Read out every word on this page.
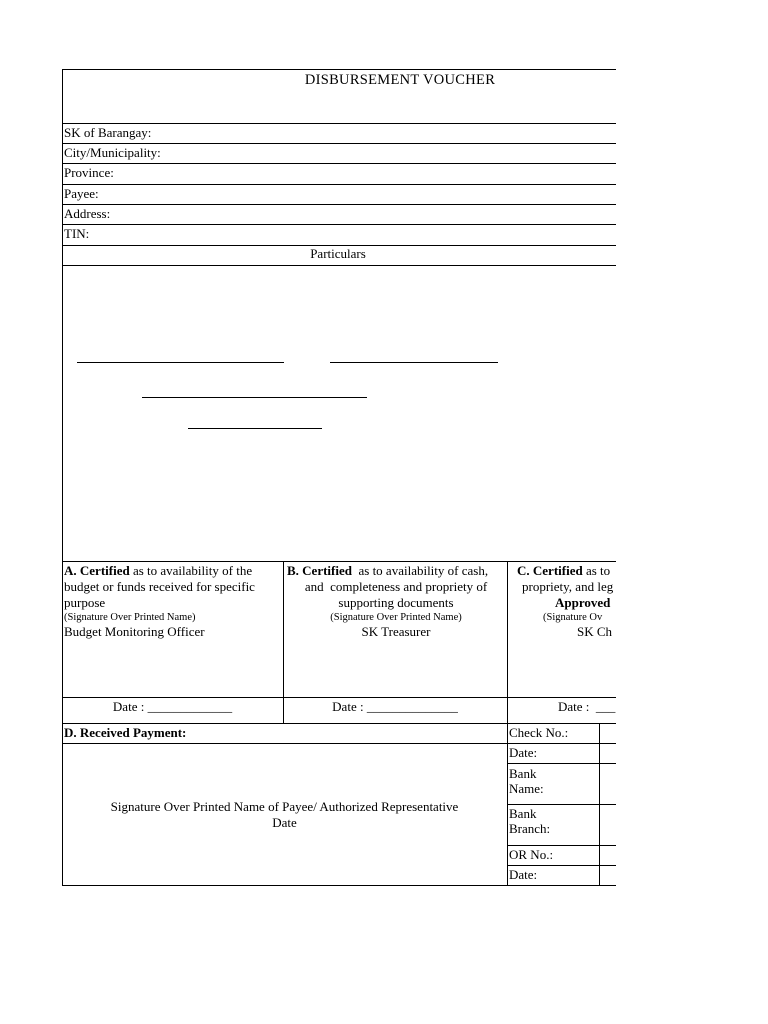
DISBURSEMENT VOUCHER
SK of Barangay:
City/Municipality:
Province:
Payee:
Address:
TIN:
Particulars
A. Certified as to availability of the
budget or funds received for specific
purpose
(Signature Over Printed Name)
Budget Monitoring Officer
B. Certified  as to availability of cash,
and  completeness and propriety of
supporting documents
(Signature Over Printed Name)
SK Treasurer
C. Certified as to
propriety, and leg
Approved
(Signature Ov
SK Ch
Date : _____________	Date : ______________	Date :  ___
D. Received Payment:
Signature Over Printed Name of Payee/ Authorized Representative
Date
Check No.:
Date:
Bank
Name:
Bank
Branch:
OR No.:
Date:
